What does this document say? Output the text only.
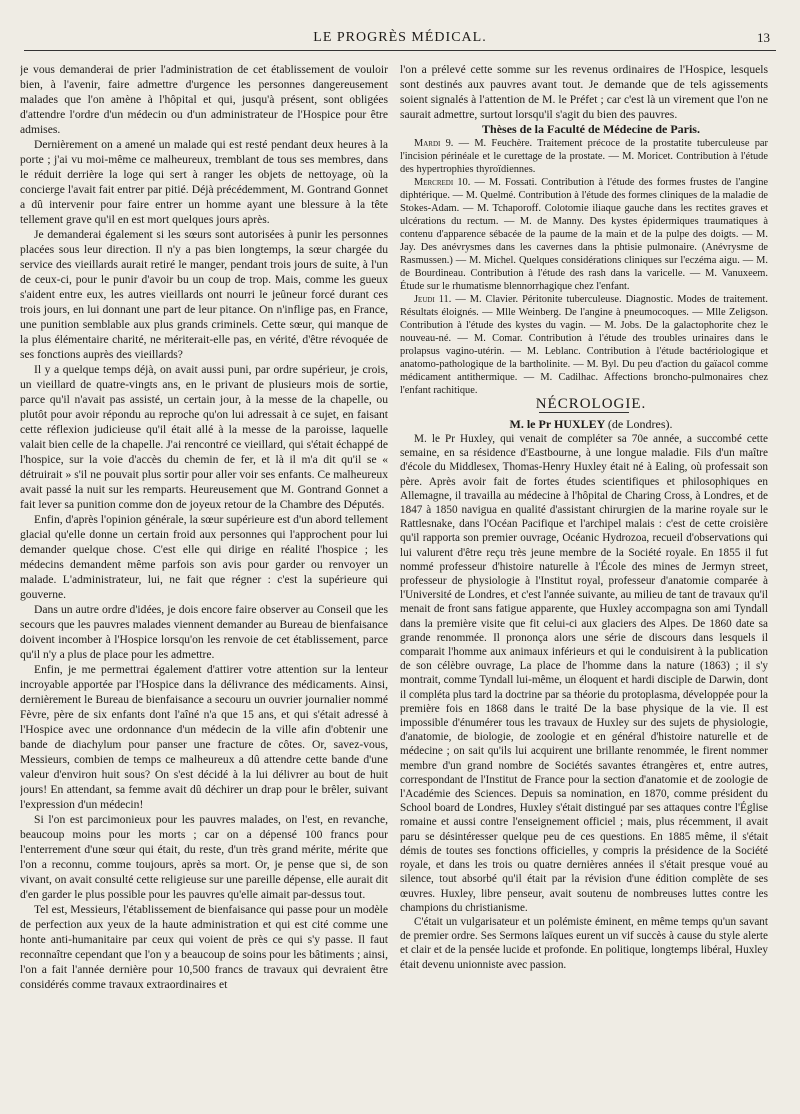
LE PROGRÈS MÉDICAL.	13

je vous demanderai de prier l'administration de cet établissement de vouloir bien, à l'avenir, faire admettre d'urgence les personnes dangereusement malades que l'on amène à l'hôpital et qui, jusqu'à présent, sont obligées d'attendre l'ordre d'un médecin ou d'un administrateur de l'Hospice pour être admises.

Dernièrement on a amené un malade qui est resté pendant deux heures à la porte ; j'ai vu moi-même ce malheureux, tremblant de tous ses membres, dans le réduit derrière la loge qui sert à ranger les objets de nettoyage, où la concierge l'avait fait entrer par pitié. Déjà précédemment, M. Gontrand Gonnet a dû intervenir pour faire entrer un homme ayant une blessure à la tête tellement grave qu'il en est mort quelques jours après.

Je demanderai également si les sœurs sont autorisées à punir les personnes placées sous leur direction. Il n'y a pas bien longtemps, la sœur chargée du service des vieillards aurait retiré le manger, pendant trois jours de suite, à l'un de ceux-ci, pour le punir d'avoir bu un coup de trop. Mais, comme les gueux s'aident entre eux, les autres vieillards ont nourri le jeûneur forcé durant ces trois jours, en lui donnant une part de leur pitance. On n'inflige pas, en France, une punition semblable aux plus grands criminels. Cette sœur, qui manque de la plus élémentaire charité, ne mériterait-elle pas, en vérité, d'être révoquée de ses fonctions auprès des vieillards?

Il y a quelque temps déjà, on avait aussi puni, par ordre supérieur, je crois, un vieillard de quatre-vingts ans, en le privant de plusieurs mois de sortie, parce qu'il n'avait pas assisté, un certain jour, à la messe de la chapelle, ou plutôt pour avoir répondu au reproche qu'on lui adressait à ce sujet, en faisant cette réflexion judicieuse qu'il était allé à la messe de la paroisse, laquelle valait bien celle de la chapelle. J'ai rencontré ce vieillard, qui s'était échappé de l'hospice, sur la voie d'accès du chemin de fer, et là il m'a dit qu'il se « détruirait » s'il ne pouvait plus sortir pour aller voir ses enfants. Ce malheureux avait passé la nuit sur les remparts. Heureusement que M. Gontrand Gonnet a fait lever sa punition comme don de joyeux retour de la Chambre des Députés.

Enfin, d'après l'opinion générale, la sœur supérieure est d'un abord tellement glacial qu'elle donne un certain froid aux personnes qui l'approchent pour lui demander quelque chose. C'est elle qui dirige en réalité l'hospice ; les médecins demandent même parfois son avis pour garder ou renvoyer un malade. L'administrateur, lui, ne fait que régner : c'est la supérieure qui gouverne.

Dans un autre ordre d'idées, je dois encore faire observer au Conseil que les secours que les pauvres malades viennent demander au Bureau de bienfaisance doivent incomber à l'Hospice lorsqu'on les renvoie de cet établissement, parce qu'il n'y a plus de place pour les admettre.

Enfin, je me permettrai également d'attirer votre attention sur la lenteur incroyable apportée par l'Hospice dans la délivrance des médicaments. Ainsi, dernièrement le Bureau de bienfaisance a secouru un ouvrier journalier nommé Fèvre, père de six enfants dont l'aîné n'a que 15 ans, et qui s'était adressé à l'Hospice avec une ordonnance d'un médecin de la ville afin d'obtenir une bande de diachylum pour panser une fracture de côtes. Or, savez-vous, Messieurs, combien de temps ce malheureux a dû attendre cette bande d'une valeur d'environ huit sous? On s'est décidé à la lui délivrer au bout de huit jours! En attendant, sa femme avait dû déchirer un drap pour le brêler, suivant l'expression d'un médecin!

Si l'on est parcimonieux pour les pauvres malades, on l'est, en revanche, beaucoup moins pour les morts ; car on a dépensé 100 francs pour l'enterrement d'une sœur qui était, du reste, d'un très grand mérite, mérite que l'on a reconnu, comme toujours, après sa mort. Or, je pense que si, de son vivant, on avait consulté cette religieuse sur une pareille dépense, elle aurait dit d'en garder le plus possible pour les pauvres qu'elle aimait par-dessus tout.

Tel est, Messieurs, l'établissement de bienfaisance qui passe pour un modèle de perfection aux yeux de la haute administration et qui est cité comme une honte anti-humanitaire par ceux qui voient de près ce qui s'y passe. Il faut reconnaître cependant que l'on y a beaucoup de soins pour les bâtiments ; ainsi, l'on a fait l'année dernière pour 10,500 francs de travaux qui devraient être considérés comme travaux extraordinaires et

l'on a prélevé cette somme sur les revenus ordinaires de l'Hospice, lesquels sont destinés aux pauvres avant tout. Je demande que de tels agissements soient signalés à l'attention de M. le Préfet ; car c'est là un virement que l'on ne saurait admettre, surtout lorsqu'il s'agit du bien des pauvres.

Thèses de la Faculté de Médecine de Paris.

Mardi 9. — M. Feuchère. Traitement précoce de la prostatite tuberculeuse par l'incision périnéale et le curettage de la prostate. — M. Moricet. Contribution à l'étude des hypertrophies thyroïdiennes.

Mercredi 10. — M. Fossati. Contribution à l'étude des formes frustes de l'angine diphtérique. — M. Quelmé. Contribution à l'étude des formes cliniques de la maladie de Stokes-Adam. — M. Tchaporoff. Colotomie iliaque gauche dans les rectites graves et ulcérations du rectum. — M. de Manny. Des kystes épidermiques traumatiques à contenu d'apparence sébacée de la paume de la main et de la pulpe des doigts. — M. Jay. Des anévrysmes dans les cavernes dans la phtisie pulmonaire. (Anévrysme de Rasmussen.) — M. Michel. Quelques considérations cliniques sur l'eczéma aigu. — M. de Bourdineau. Contribution à l'étude des rash dans la varicelle. — M. Vanuxeem. Étude sur le rhumatisme blennorrhagique chez l'enfant.

Jeudi 11. — M. Clavier. Péritonite tuberculeuse. Diagnostic. Modes de traitement. Résultats éloignés. — Mlle Weinberg. De l'angine à pneumocoques. — Mlle Zeligson. Contribution à l'étude des kystes du vagin. — M. Jobs. De la galactophorite chez le nouveau-né. — M. Comar. Contribution à l'étude des troubles urinaires dans le prolapsus vagino-utérin. — M. Leblanc. Contribution à l'étude bactériologique et anatomo-pathologique de la bartholinite. — M. Byl. Du peu d'action du gaïacol comme médicament antithermique. — M. Cadilhac. Affections broncho-pulmonaires chez l'enfant rachitique.

NÉCROLOGIE.

M. le Pr HUXLEY (de Londres).

M. le Pr Huxley, qui venait de compléter sa 70e année, a succombé cette semaine, en sa résidence d'Eastbourne, à une longue maladie. Fils d'un maître d'école du Middlesex, Thomas-Henry Huxley était né à Ealing, où professait son père. Après avoir fait de fortes études scientifiques et philosophiques en Allemagne, il travailla au médecine à l'hôpital de Charing Cross, à Londres, et de 1847 à 1850 navigua en qualité d'assistant chirurgien de la marine royale sur le Rattlesnake, dans l'Océan Pacifique et l'archipel malais : c'est de cette croisière qu'il rapporta son premier ouvrage, Océanic Hydrozoa, recueil d'observations qui lui valurent d'être reçu très jeune membre de la Société royale. En 1855 il fut nommé professeur d'histoire naturelle à l'École des mines de Jermyn street, professeur de physiologie à l'Institut royal, professeur d'anatomie comparée à l'Université de Londres, et c'est l'année suivante, au milieu de tant de travaux qu'il menait de front sans fatigue apparente, que Huxley accompagna son ami Tyndall dans la première visite que fit celui-ci aux glaciers des Alpes. De 1860 date sa grande renommée. Il prononça alors une série de discours dans lesquels il comparait l'homme aux animaux inférieurs et qui le conduisirent à la publication de son célèbre ouvrage, La place de l'homme dans la nature (1863) ; il s'y montrait, comme Tyndall lui-même, un éloquent et hardi disciple de Darwin, dont il compléta plus tard la doctrine par sa théorie du protoplasma, développée pour la première fois en 1868 dans le traité De la base physique de la vie. Il est impossible d'énumérer tous les travaux de Huxley sur des sujets de physiologie, d'anatomie, de biologie, de zoologie et en général d'histoire naturelle et de médecine ; on sait qu'ils lui acquirent une brillante renommée, le firent nommer membre d'un grand nombre de Sociétés savantes étrangères et, entre autres, correspondant de l'Institut de France pour la section d'anatomie et de zoologie de l'Académie des Sciences. Depuis sa nomination, en 1870, comme président du School board de Londres, Huxley s'était distingué par ses attaques contre l'Église romaine et aussi contre l'enseignement officiel ; mais, plus récemment, il avait paru se désintéresser quelque peu de ces questions. En 1885 même, il s'était démis de toutes ses fonctions officielles, y compris la présidence de la Société royale, et dans les trois ou quatre dernières années il s'était presque voué au silence, tout absorbé qu'il était par la révision d'une édition complète de ses œuvres. Huxley, libre penseur, avait soutenu de nombreuses luttes contre les champions du christianisme.

C'était un vulgarisateur et un polémiste éminent, en même temps qu'un savant de premier ordre. Ses Sermons laïques eurent un vif succès à cause du style alerte et clair et de la pensée lucide et profonde. En politique, longtemps libéral, Huxley était devenu unionniste avec passion.
